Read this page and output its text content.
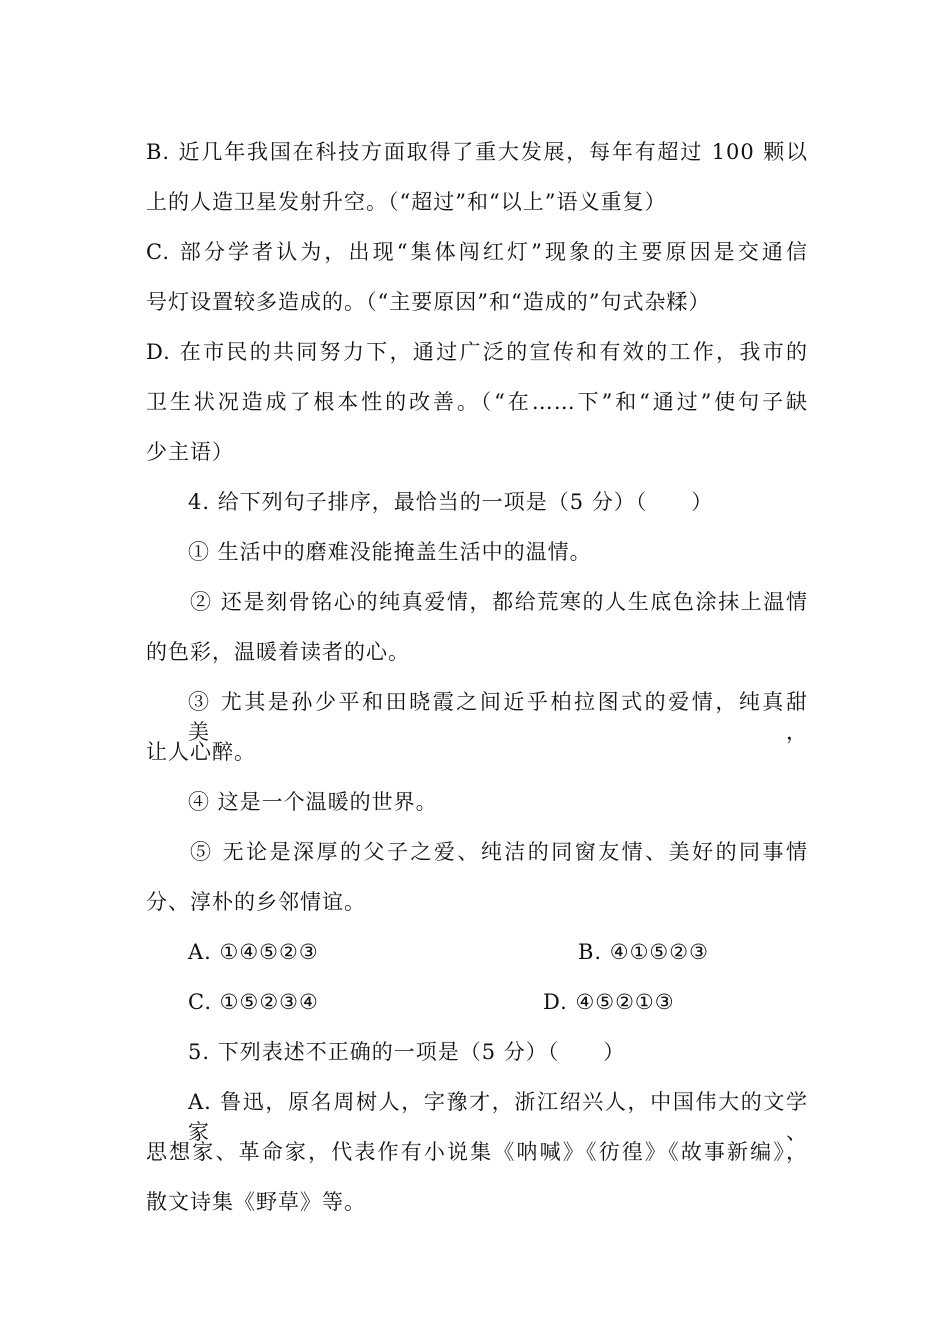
B. 近几年我国在科技方面取得了重大发展，每年有超过 100 颗以
上的人造卫星发射升空。（“超过”和“以上”语义重复）
C. 部分学者认为，出现“集体闯红灯”现象的主要原因是交通信
号灯设置较多造成的。（“主要原因”和“造成的”句式杂糅）
D. 在市民的共同努力下，通过广泛的宣传和有效的工作，我市的
卫生状况造成了根本性的改善。（“在……下”和“通过”使句子缺
少主语）
4. 给下列句子排序，最恰当的一项是（5 分）（　　）
① 生活中的磨难没能掩盖生活中的温情。
② 还是刻骨铭心的纯真爱情，都给荒寒的人生底色涂抹上温情
的色彩，温暖着读者的心。
③ 尤其是孙少平和田晓霞之间近乎柏拉图式的爱情，纯真甜美，
让人心醉。
④ 这是一个温暖的世界。
⑤ 无论是深厚的父子之爱、纯洁的同窗友情、美好的同事情
分、淳朴的乡邻情谊。
A. ①④⑤②③	B. ④①⑤②③
C. ①⑤②③④	D. ④⑤②①③
5. 下列表述不正确的一项是（5 分）（　　）
A. 鲁迅，原名周树人，字豫才，浙江绍兴人，中国伟大的文学家、
思想家、革命家，代表作有小说集《呐喊》《彷徨》《故事新编》，
散文诗集《野草》等。
